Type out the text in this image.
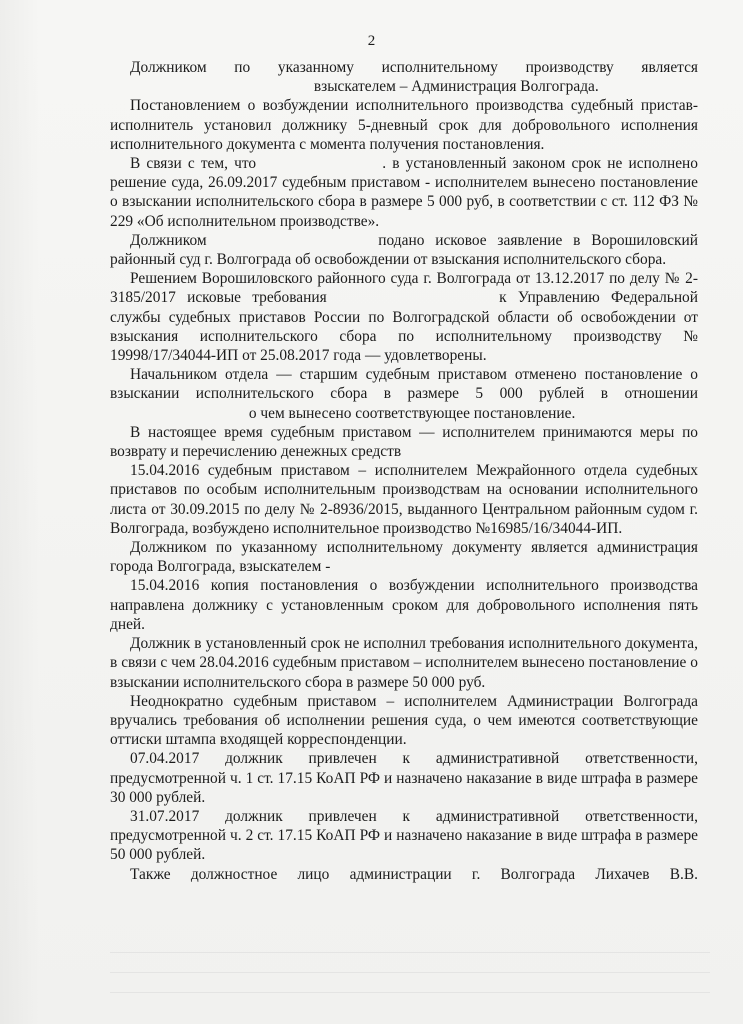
2

Должником по указанному исполнительному производству является  взыскателем – Администрация Волгограда.

Постановлением о возбуждении исполнительного производства судебный пристав-исполнитель установил должнику 5-дневный срок для добровольного исполнения исполнительного документа с момента получения постановления.

В связи с тем, что	. в установленный законом срок не исполнено решение суда, 26.09.2017 судебным приставом - исполнителем вынесено постановление о взыскании исполнительского сбора в размере 5 000 руб, в соответствии с ст. 112 ФЗ № 229 «Об исполнительном производстве».

Должником	подано исковое заявление в Ворошиловский районный суд г. Волгограда об освобождении от взыскания исполнительского сбора.

Решением Ворошиловского районного суда г. Волгограда от 13.12.2017 по делу № 2-3185/2017 исковые требования	к Управлению Федеральной службы судебных приставов России по Волгоградской области об освобождении от взыскания исполнительского сбора по исполнительному производству № 19998/17/34044-ИП от 25.08.2017 года — удовлетворены.

Начальником отдела — старшим судебным приставом отменено постановление о взыскании исполнительского сбора в размере 5 000 рублей в отношении  о чем вынесено соответствующее постановление.

В настоящее время судебным приставом — исполнителем принимаются меры по возврату и перечислению денежных средств

15.04.2016 судебным приставом – исполнителем Межрайонного отдела судебных приставов по особым исполнительным производствам на основании исполнительного листа от 30.09.2015 по делу № 2-8936/2015, выданного Центральном районным судом г. Волгограда, возбуждено исполнительное производство №16985/16/34044-ИП.

Должником по указанному исполнительному документу является администрация города Волгограда, взыскателем -

15.04.2016 копия постановления о возбуждении исполнительного производства направлена должнику с установленным сроком для добровольного исполнения пять дней.

Должник в установленный срок не исполнил требования исполнительного документа, в связи с чем 28.04.2016 судебным приставом – исполнителем вынесено постановление о взыскании исполнительского сбора в размере 50 000 руб.

Неоднократно судебным приставом – исполнителем Администрации Волгограда вручались требования об исполнении решения суда, о чем имеются соответствующие оттиски штампа входящей корреспонденции.

07.04.2017 должник привлечен к административной ответственности, предусмотренной ч. 1 ст. 17.15 КоАП РФ и назначено наказание в виде штрафа в размере 30 000 рублей.

31.07.2017 должник привлечен к административной ответственности, предусмотренной ч. 2 ст. 17.15 КоАП РФ и назначено наказание в виде штрафа в размере 50 000 рублей.

Также должностное лицо администрации г. Волгограда Лихачев В.В.
